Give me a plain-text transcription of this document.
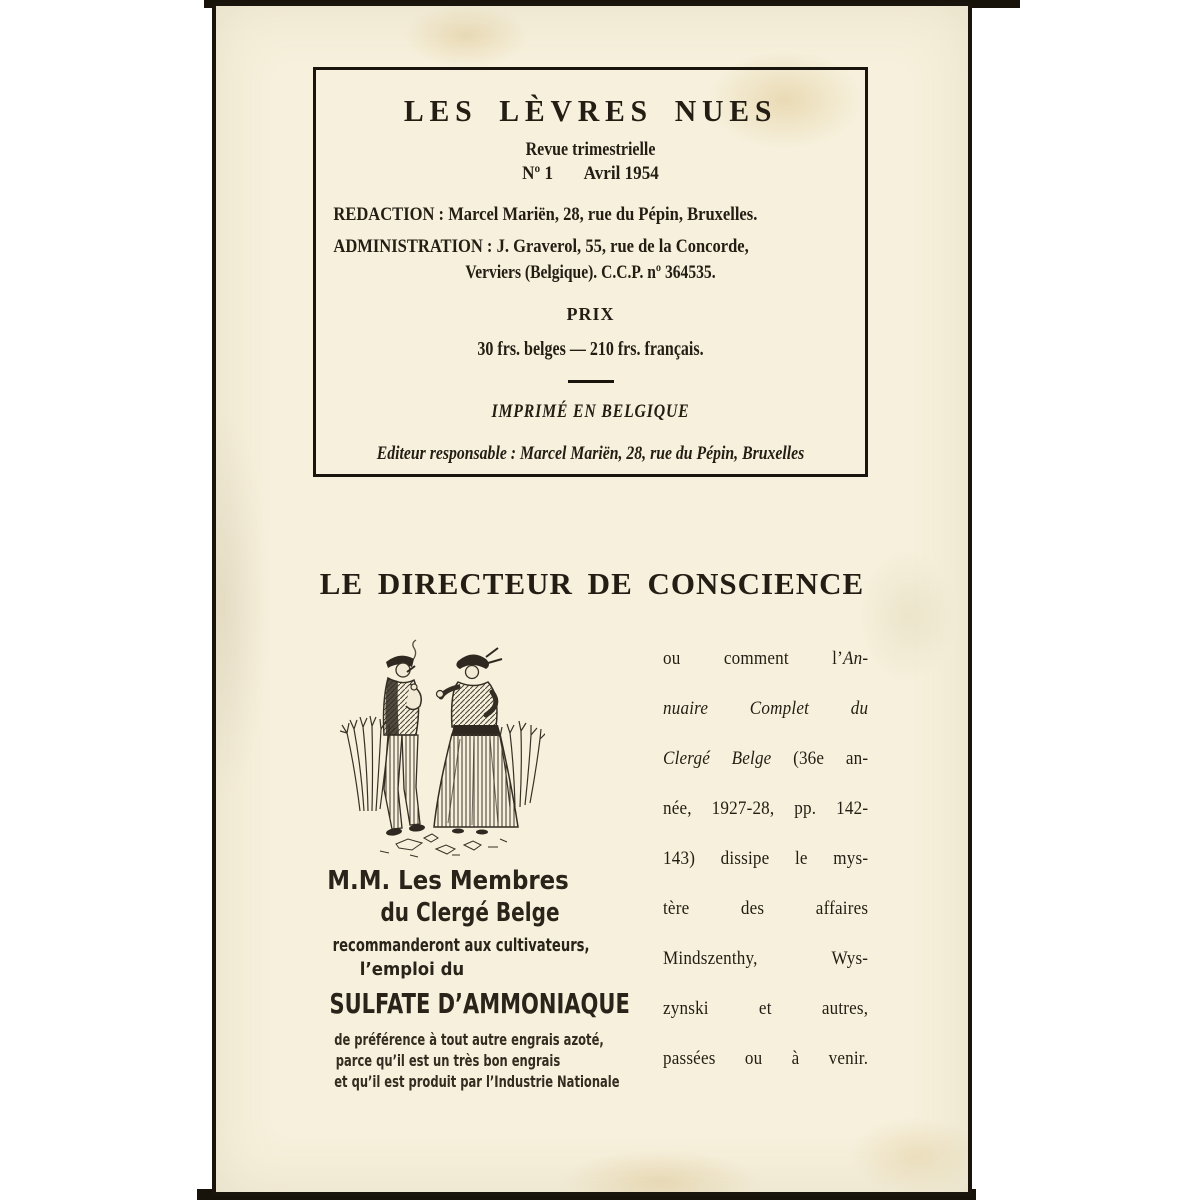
LES LÈVRES NUES
Revue trimestrielle
Nº 1 Avril 1954
REDACTION : Marcel Mariën, 28, rue du Pépin, Bruxelles.
ADMINISTRATION : J. Graverol, 55, rue de la Concorde,
Verviers (Belgique). C.C.P. nº 364535.
PRIX
30 frs. belges — 210 frs. français.
IMPRIMÉ EN BELGIQUE
Editeur responsable : Marcel Mariën, 28, rue du Pépin, Bruxelles
LE DIRECTEUR DE CONSCIENCE
M.M. Les Membres
du Clergé Belge
recommanderont aux cultivateurs,
l’emploi du
SULFATE D’AMMONIAQUE
de préférence à tout autre engrais azoté,
parce qu’il est un très bon engrais
et qu’il est produit par l’Industrie Nationale
ou comment l’An-
nuaire Complet du
Clergé Belge (36e an-
née, 1927-28, pp. 142-
143) dissipe le mys-
tère des affaires
Mindszenthy, Wys-
zynski et autres,
passées ou à venir.
